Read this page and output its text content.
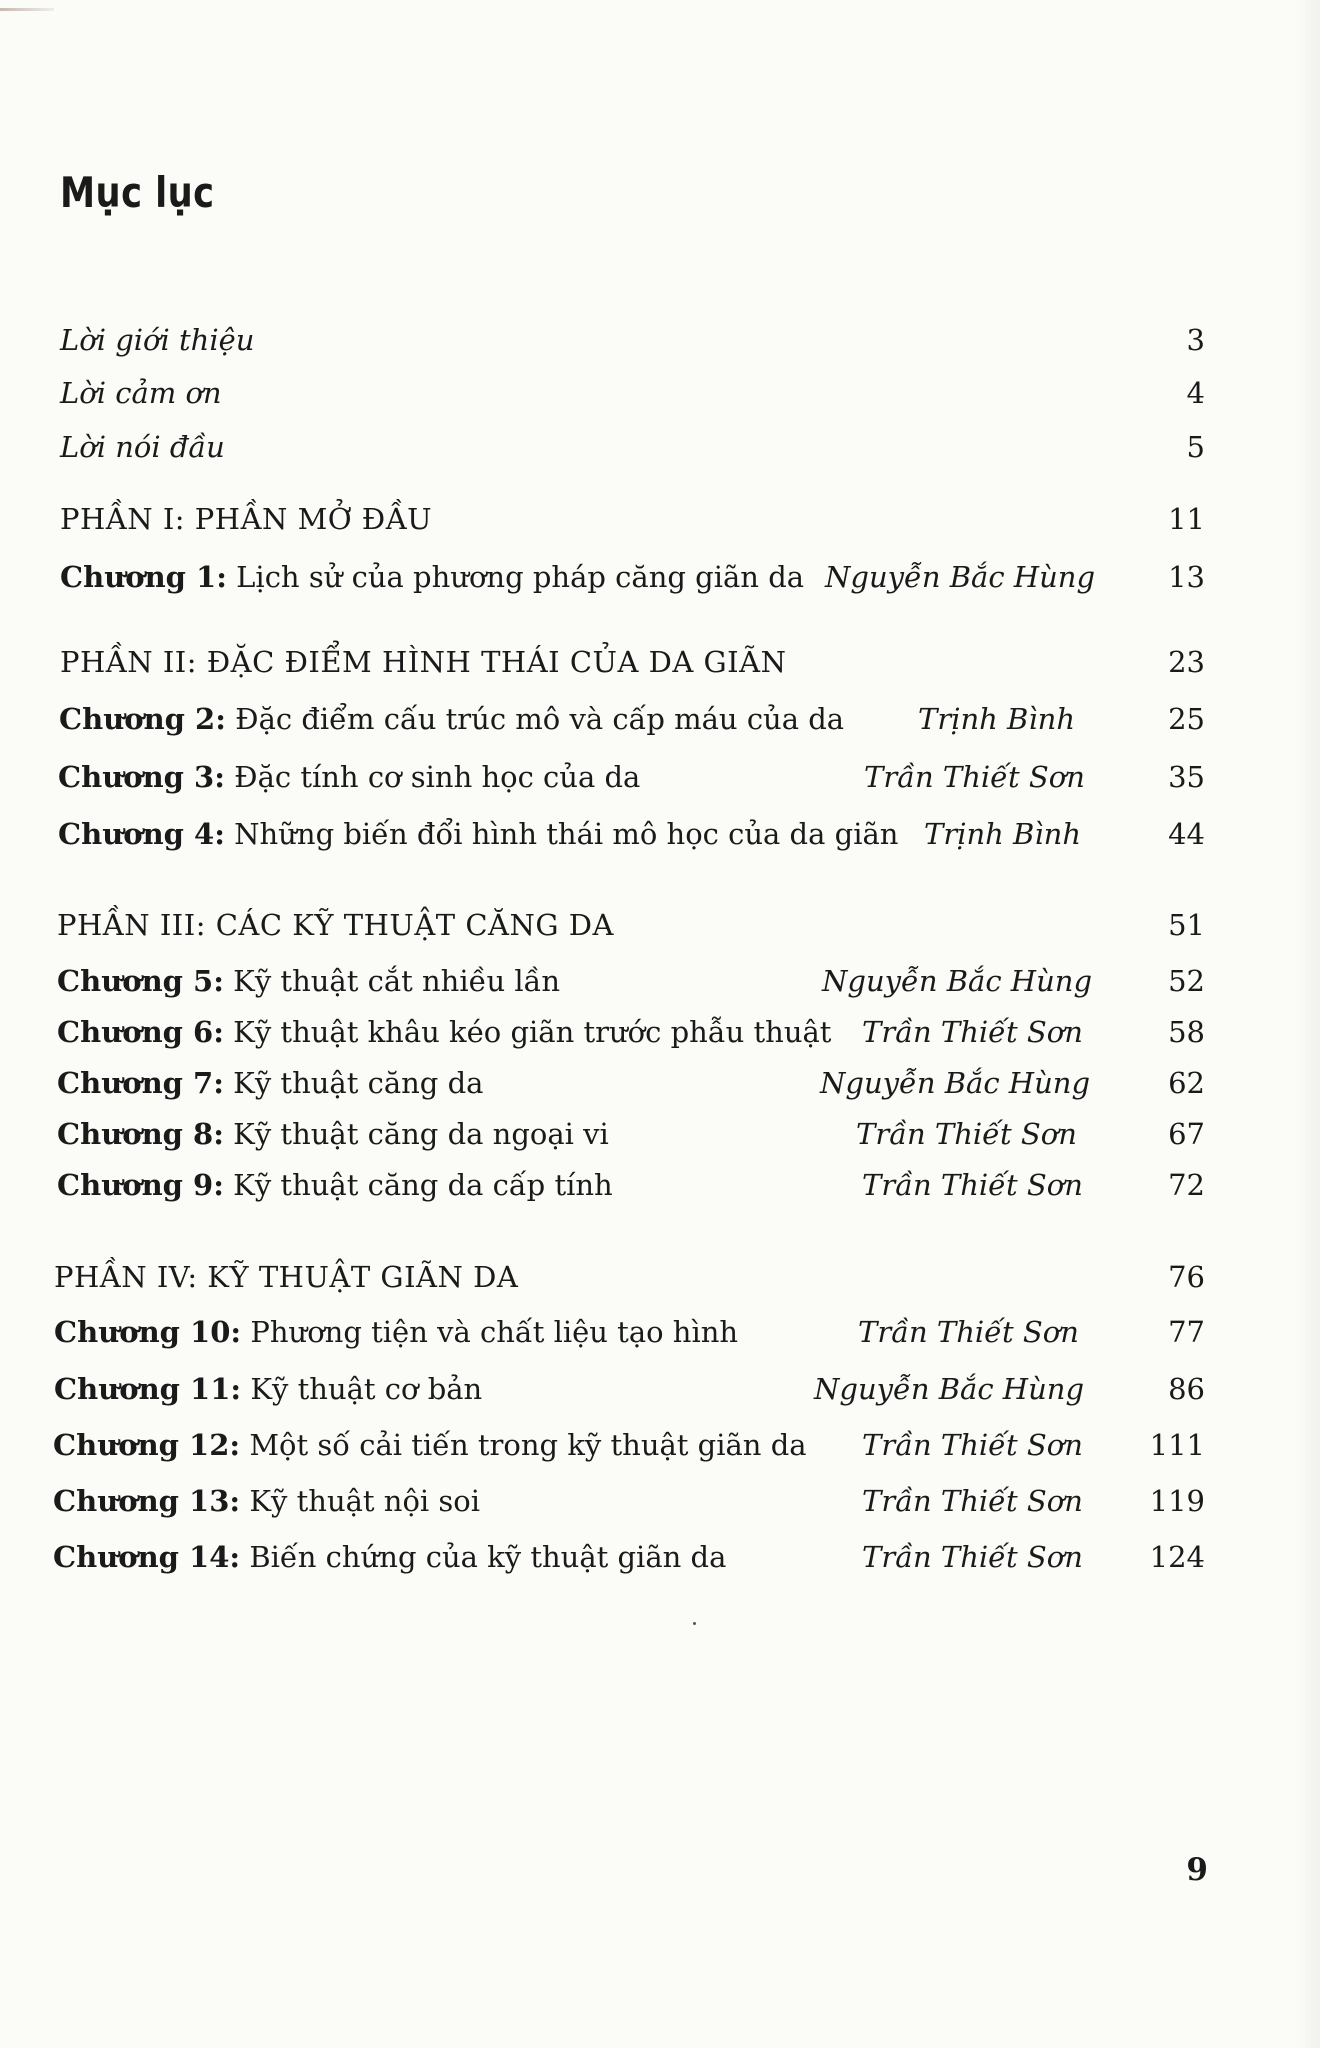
Mục lục
Lời giới thiệu	3
Lời cảm ơn	4
Lời nói đầu	5
PHẦN I: PHẦN MỞ ĐẦU	11
Chương 1: Lịch sử của phương pháp căng giãn da Nguyễn Bắc Hùng	13
PHẦN II: ĐẶC ĐIỂM HÌNH THÁI CỦA DA GIÃN	23
Chương 2: Đặc điểm cấu trúc mô và cấp máu của da	Trịnh Bình	25
Chương 3: Đặc tính cơ sinh học của da	Trần Thiết Sơn	35
Chương 4: Những biến đổi hình thái mô học của da giãn Trịnh Bình	44
PHẦN III: CÁC KỸ THUẬT CĂNG DA	51
Chương 5: Kỹ thuật cắt nhiều lần	Nguyễn Bắc Hùng	52
Chương 6: Kỹ thuật khâu kéo giãn trước phẫu thuật Trần Thiết Sơn	58
Chương 7: Kỹ thuật căng da	Nguyễn Bắc Hùng	62
Chương 8: Kỹ thuật căng da ngoại vi	Trần Thiết Sơn	67
Chương 9: Kỹ thuật căng da cấp tính	Trần Thiết Sơn	72
PHẦN IV: KỸ THUẬT GIÃN DA	76
Chương 10: Phương tiện và chất liệu tạo hình	Trần Thiết Sơn	77
Chương 11: Kỹ thuật cơ bản	Nguyễn Bắc Hùng	86
Chương 12: Một số cải tiến trong kỹ thuật giãn da Trần Thiết Sơn 111
Chương 13: Kỹ thuật nội soi	Trần Thiết Sơn 119
Chương 14: Biến chứng của kỹ thuật giãn da	Trần Thiết Sơn 124
9
